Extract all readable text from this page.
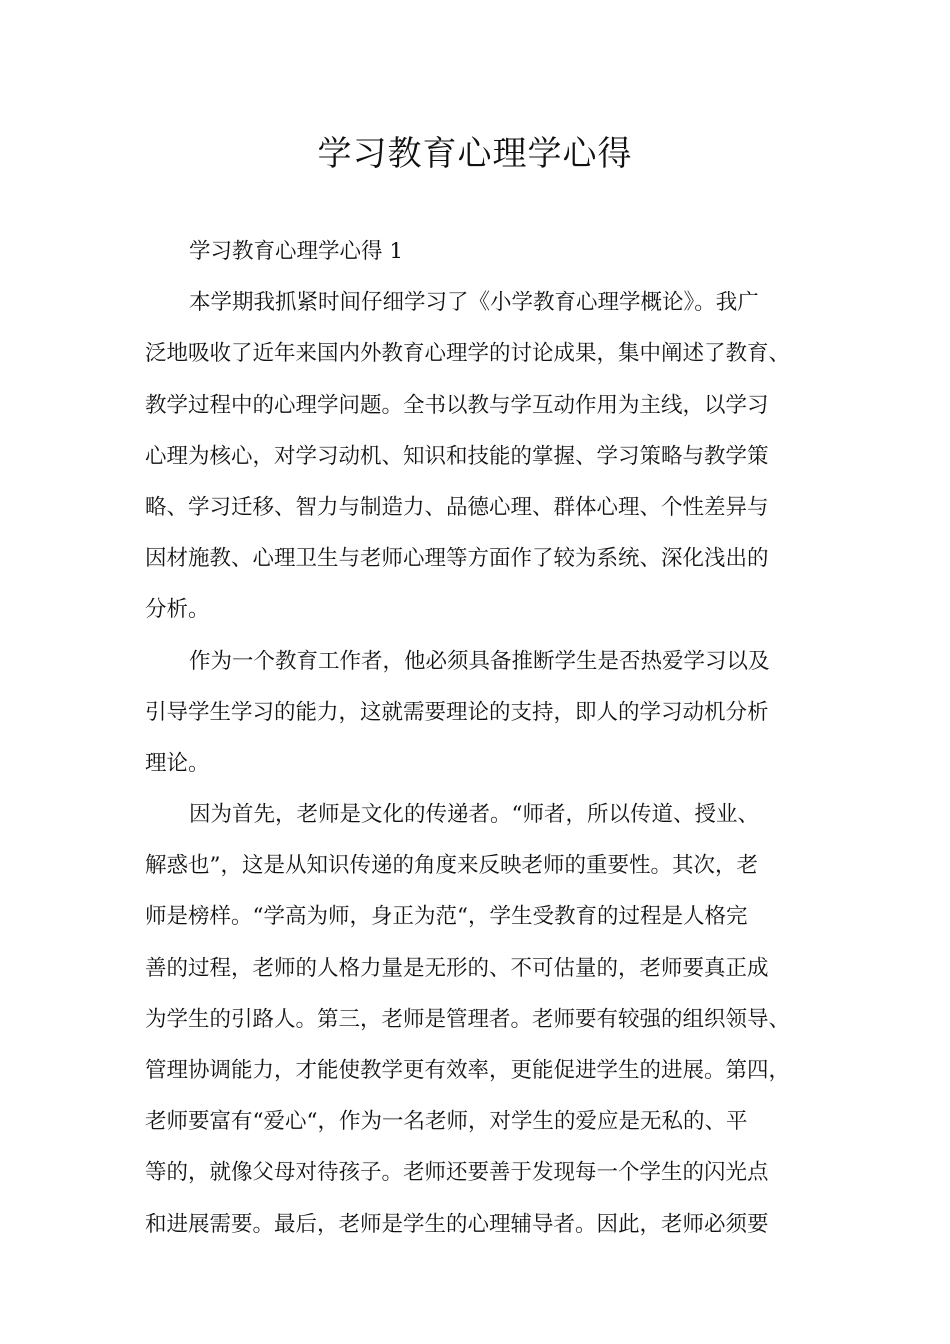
学习教育心理学心得
学习教育心理学心得 1
本学期我抓紧时间仔细学习了《小学教育心理学概论》。我广
泛地吸收了近年来国内外教育心理学的讨论成果，集中阐述了教育、
教学过程中的心理学问题。全书以教与学互动作用为主线，以学习
心理为核心，对学习动机、知识和技能的掌握、学习策略与教学策
略、学习迁移、智力与制造力、品德心理、群体心理、个性差异与
因材施教、心理卫生与老师心理等方面作了较为系统、深化浅出的
分析。
作为一个教育工作者，他必须具备推断学生是否热爱学习以及
引导学生学习的能力，这就需要理论的支持，即人的学习动机分析
理论。
因为首先，老师是文化的传递者。“师者，所以传道、授业、
解惑也”，这是从知识传递的角度来反映老师的重要性。其次，老
师是榜样。“学高为师，身正为范“，学生受教育的过程是人格完
善的过程，老师的人格力量是无形的、不可估量的，老师要真正成
为学生的引路人。第三，老师是管理者。老师要有较强的组织领导、
管理协调能力，才能使教学更有效率，更能促进学生的进展。第四，
老师要富有“爱心“，作为一名老师，对学生的爱应是无私的、平
等的，就像父母对待孩子。老师还要善于发现每一个学生的闪光点
和进展需要。最后，老师是学生的心理辅导者。因此，老师必须要
